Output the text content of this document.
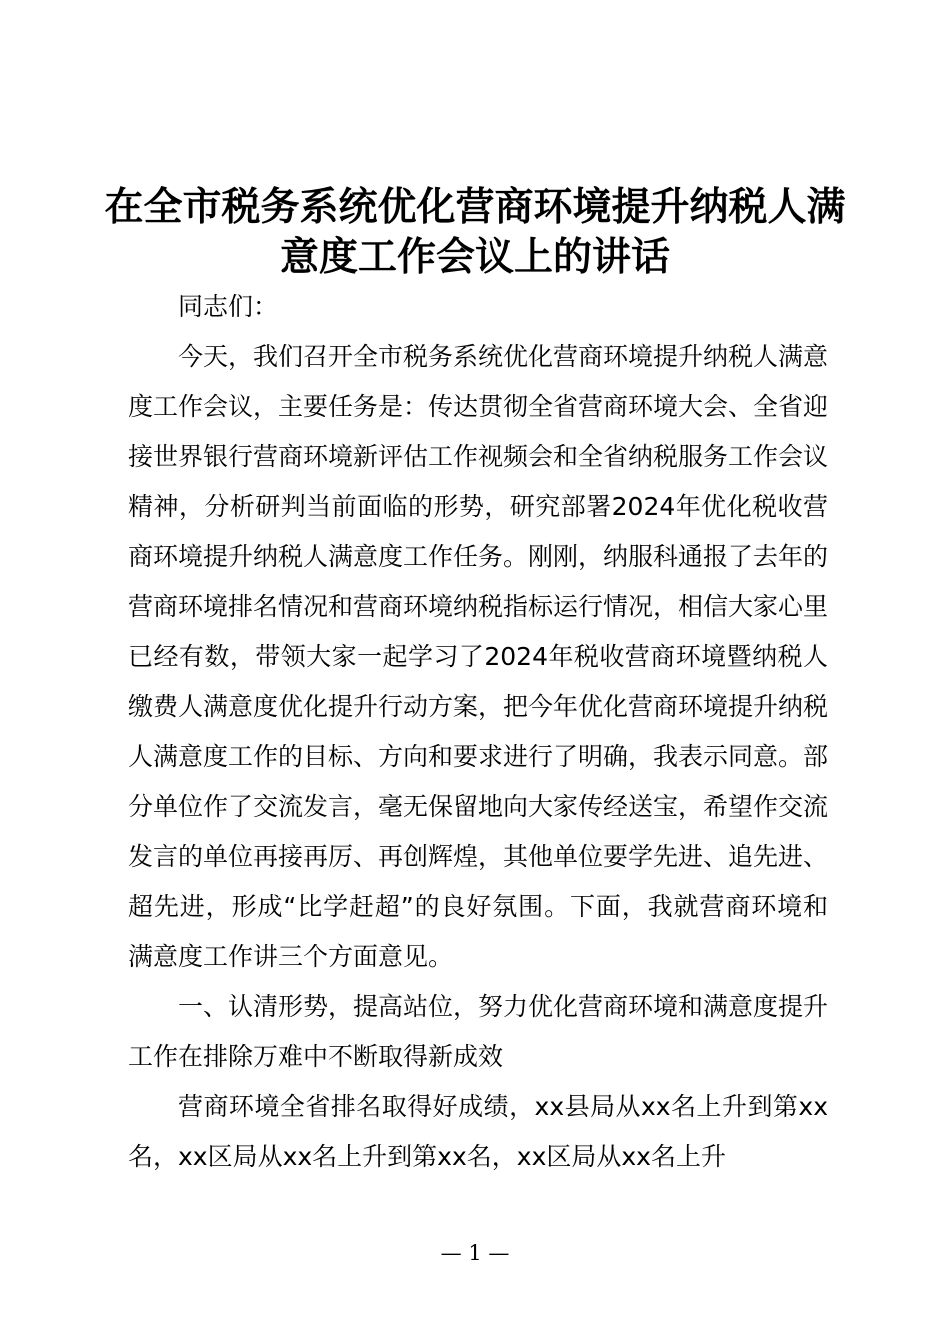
在全市税务系统优化营商环境提升纳税人满意度工作会议上的讲话

同志们：

今天，我们召开全市税务系统优化营商环境提升纳税人满意度工作会议，主要任务是：传达贯彻全省营商环境大会、全省迎接世界银行营商环境新评估工作视频会和全省纳税服务工作会议精神，分析研判当前面临的形势，研究部署2024年优化税收营商环境提升纳税人满意度工作任务。刚刚，纳服科通报了去年的营商环境排名情况和营商环境纳税指标运行情况，相信大家心里已经有数，带领大家一起学习了2024年税收营商环境暨纳税人缴费人满意度优化提升行动方案，把今年优化营商环境提升纳税人满意度工作的目标、方向和要求进行了明确，我表示同意。部分单位作了交流发言，毫无保留地向大家传经送宝，希望作交流发言的单位再接再厉、再创辉煌，其他单位要学先进、追先进、超先进，形成“比学赶超”的良好氛围。下面，我就营商环境和满意度工作讲三个方面意见。

一、认清形势，提高站位，努力优化营商环境和满意度提升工作在排除万难中不断取得新成效

营商环境全省排名取得好成绩，xx县局从xx名上升到第xx名，xx区局从xx名上升到第xx名，xx区局从xx名上升

— 1 —
